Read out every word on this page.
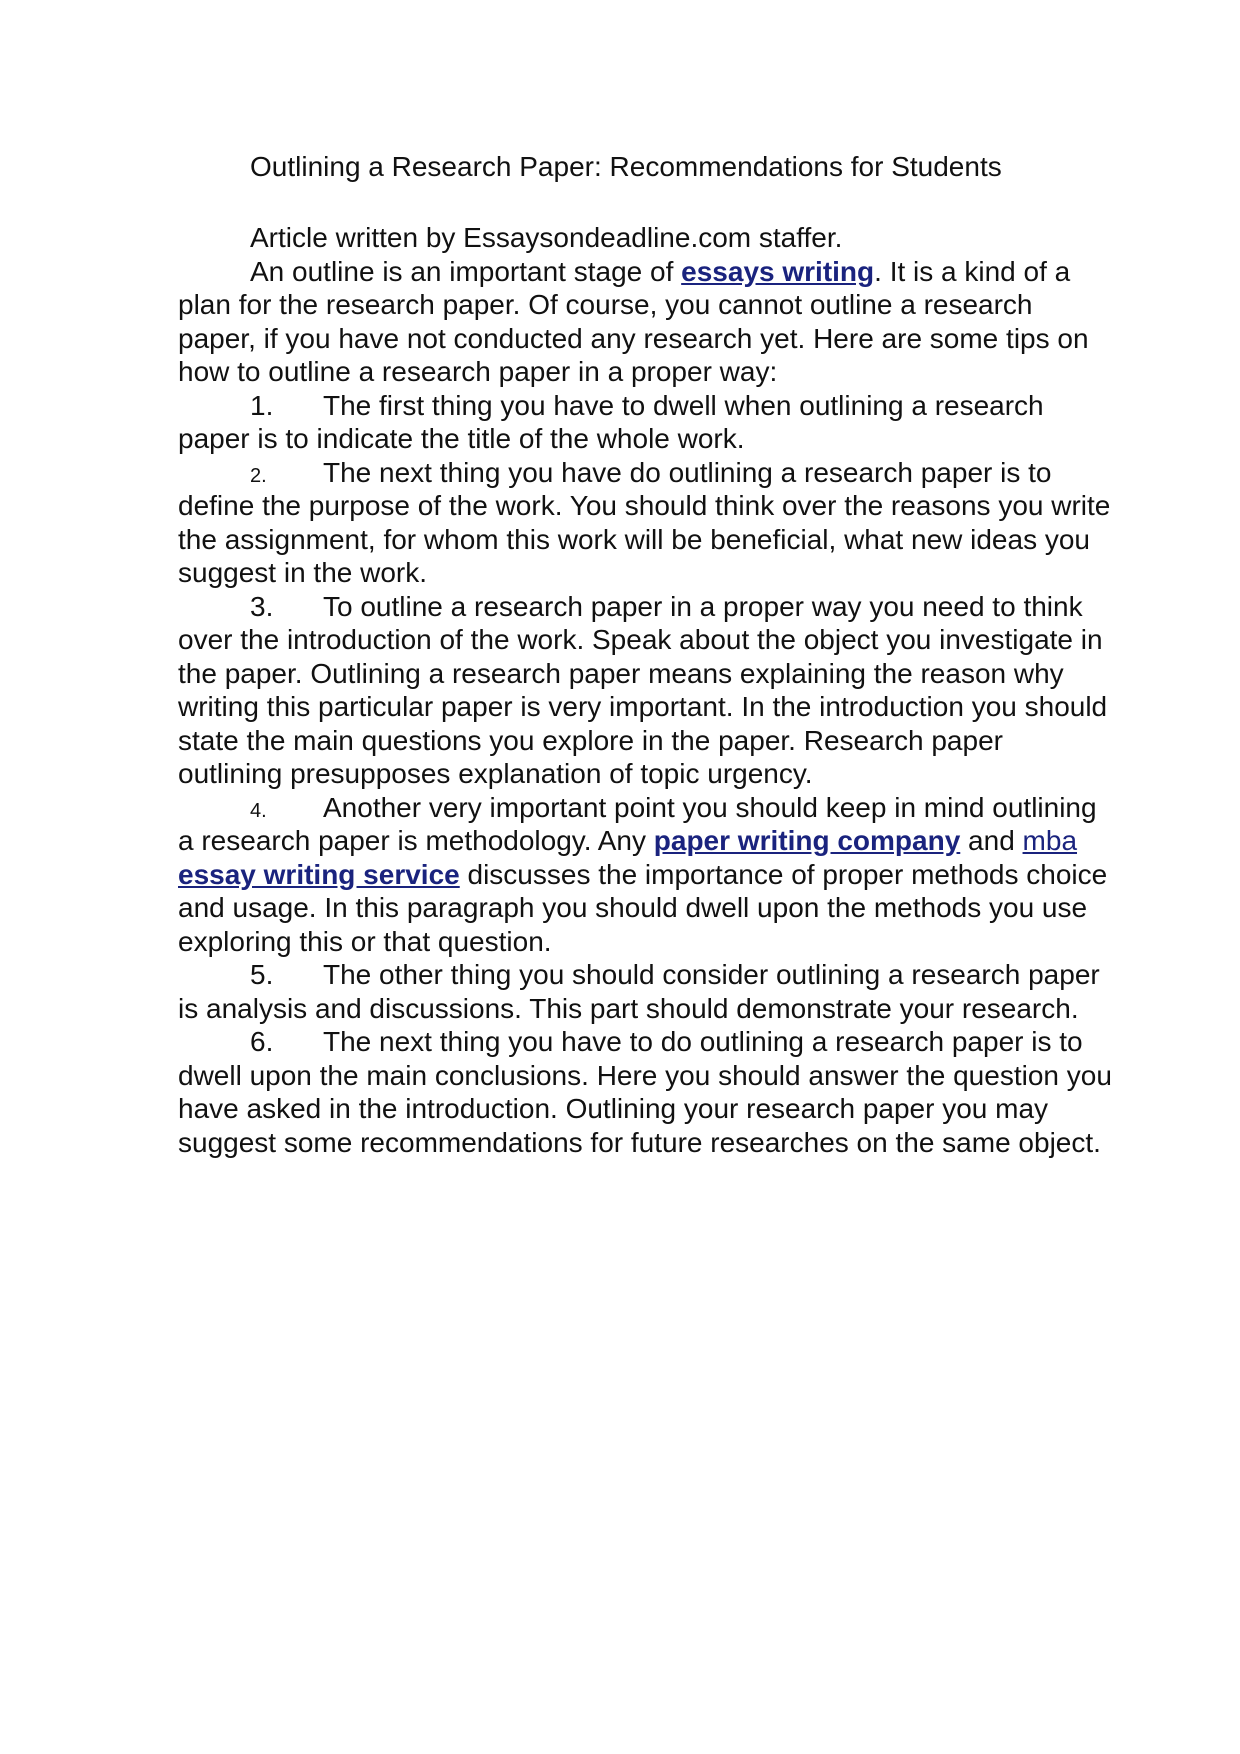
Outlining a Research Paper: Recommendations for Students
Article written by Essaysondeadline.com staffer.
An outline is an important stage of essays writing. It is a kind of a
plan for the research paper. Of course, you cannot outline a research
paper, if you have not conducted any research yet. Here are some tips on
how to outline a research paper in a proper way:
1. The first thing you have to dwell when outlining a research
paper is to indicate the title of the whole work.
2. The next thing you have do outlining a research paper is to
define the purpose of the work. You should think over the reasons you write
the assignment, for whom this work will be beneficial, what new ideas you
suggest in the work.
3. To outline a research paper in a proper way you need to think
over the introduction of the work. Speak about the object you investigate in
the paper. Outlining a research paper means explaining the reason why
writing this particular paper is very important. In the introduction you should
state the main questions you explore in the paper. Research paper
outlining presupposes explanation of topic urgency.
4. Another very important point you should keep in mind outlining
a research paper is methodology. Any paper writing company and mba
essay writing service discusses the importance of proper methods choice
and usage. In this paragraph you should dwell upon the methods you use
exploring this or that question.
5. The other thing you should consider outlining a research paper
is analysis and discussions. This part should demonstrate your research.
6. The next thing you have to do outlining a research paper is to
dwell upon the main conclusions. Here you should answer the question you
have asked in the introduction. Outlining your research paper you may
suggest some recommendations for future researches on the same object.
